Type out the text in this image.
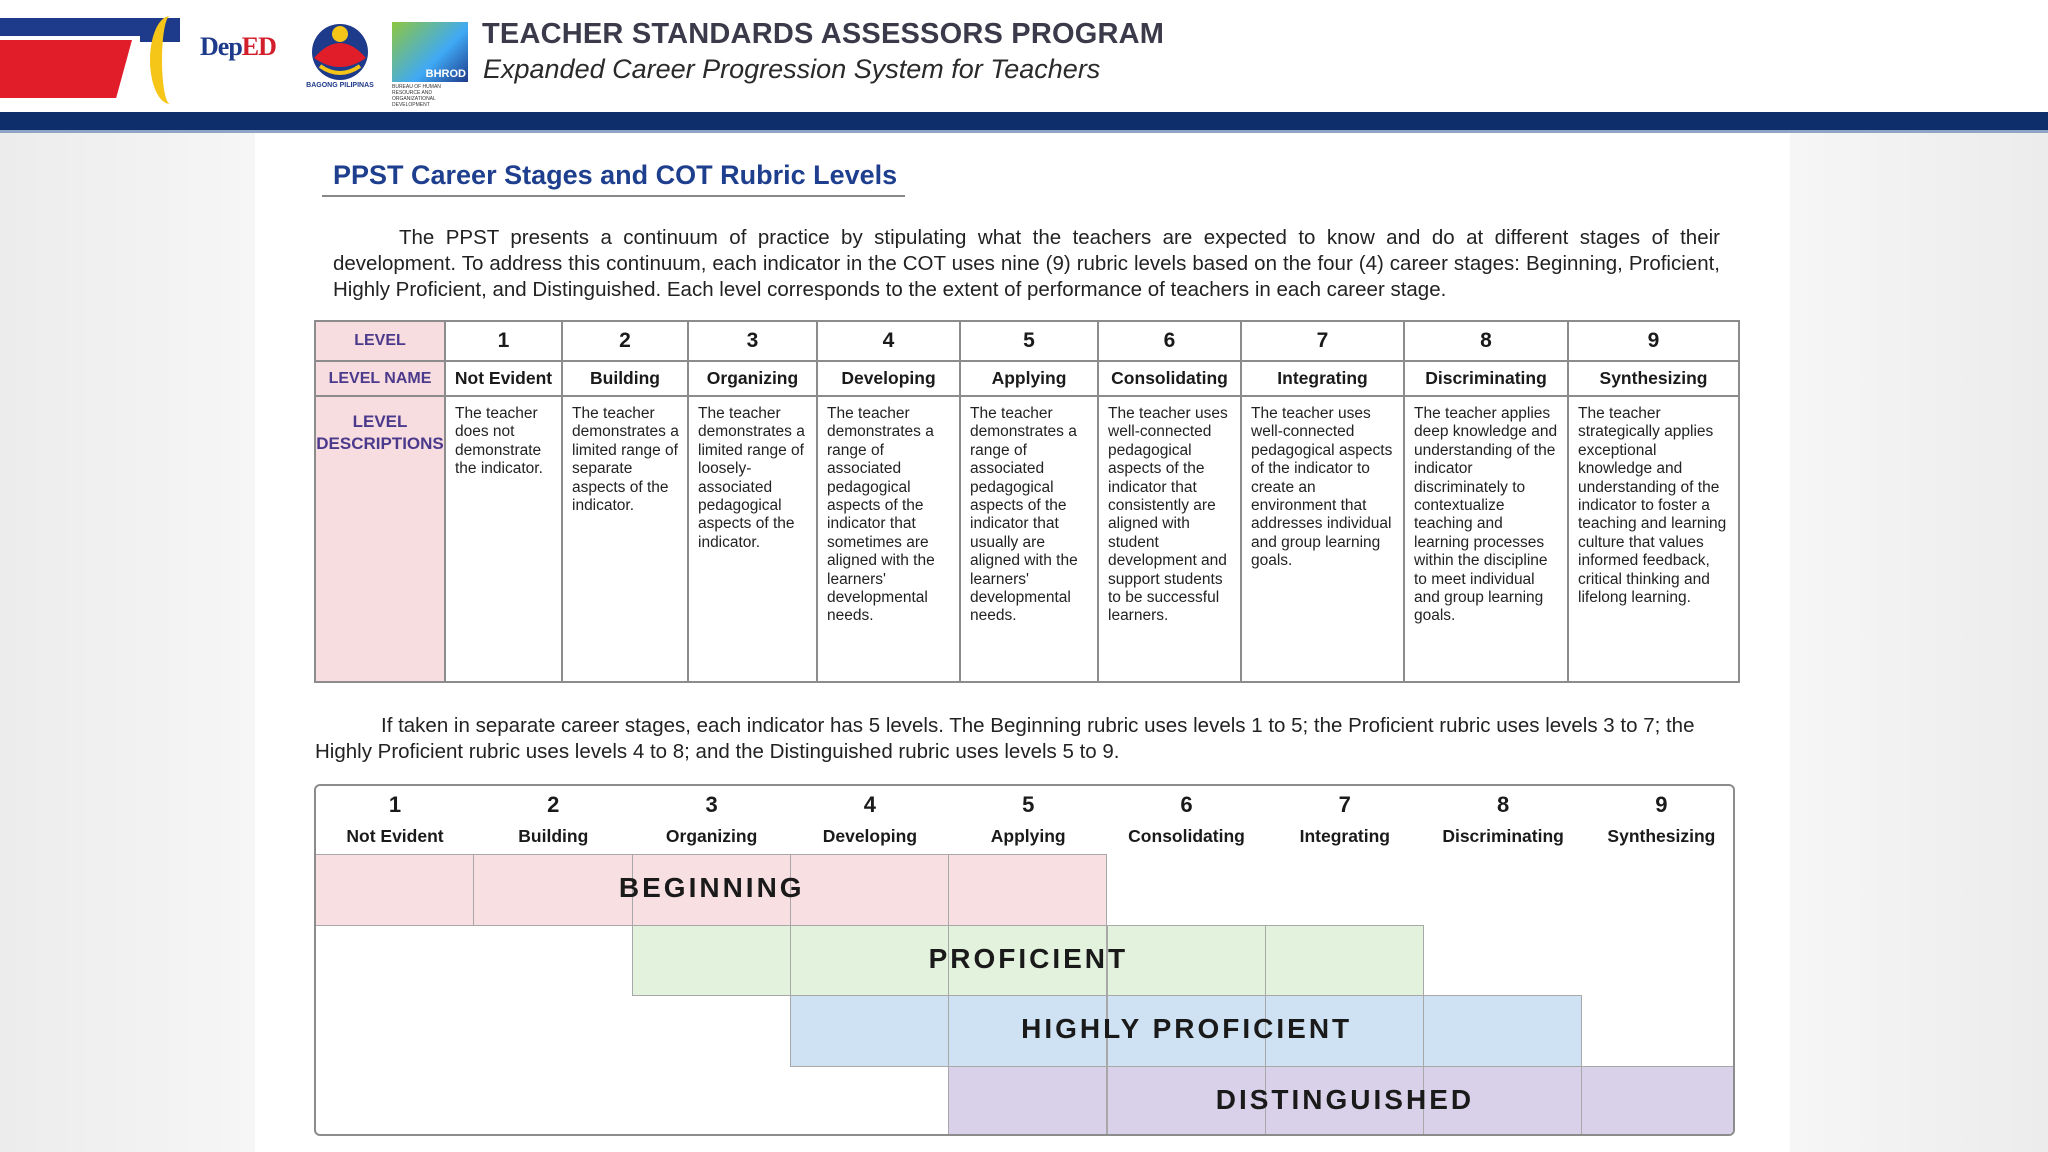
DepED
BAGONG PILIPINAS
BHROD
BUREAU OF HUMAN RESOURCE AND ORGANIZATIONAL DEVELOPMENT
TEACHER STANDARDS ASSESSORS PROGRAM
Expanded Career Progression System for Teachers
PPST Career Stages and COT Rubric Levels
The PPST presents a continuum of practice by stipulating what the teachers are expected to know and do at different stages of their development. To address this continuum, each indicator in the COT uses nine (9) rubric levels based on the four (4) career stages: Beginning, Proficient, Highly Proficient, and Distinguished. Each level corresponds to the extent of performance of teachers in each career stage.
LEVEL	1	2	3	4	5	6	7	8	9
LEVEL NAME	Not Evident	Building	Organizing	Developing	Applying	Consolidating	Integrating	Discriminating	Synthesizing
LEVEL DESCRIPTIONS	The teacher does not demonstrate the indicator.	The teacher demonstrates a limited range of separate aspects of the indicator.	The teacher demonstrates a limited range of loosely-associated pedagogical aspects of the indicator.	The teacher demonstrates a range of associated pedagogical aspects of the indicator that sometimes are aligned with the learners' developmental needs.	The teacher demonstrates a range of associated pedagogical aspects of the indicator that usually are aligned with the learners' developmental needs.	The teacher uses well-connected pedagogical aspects of the indicator that consistently are aligned with student development and support students to be successful learners.	The teacher uses well-connected pedagogical aspects of the indicator to create an environment that addresses individual and group learning goals.	The teacher applies deep knowledge and understanding of the indicator discriminately to contextualize teaching and learning processes within the discipline to meet individual and group learning goals.	The teacher strategically applies exceptional knowledge and understanding of the indicator to foster a teaching and learning culture that values informed feedback, critical thinking and lifelong learning.
If taken in separate career stages, each indicator has 5 levels. The Beginning rubric uses levels 1 to 5; the Proficient rubric uses levels 3 to 7; the Highly Proficient rubric uses levels 4 to 8; and the Distinguished rubric uses levels 5 to 9.
1
Not Evident
2
Building
3
Organizing
4
Developing
5
Applying
6
Consolidating
7
Integrating
8
Discriminating
9
Synthesizing
BEGINNING
PROFICIENT
HIGHLY PROFICIENT
DISTINGUISHED
